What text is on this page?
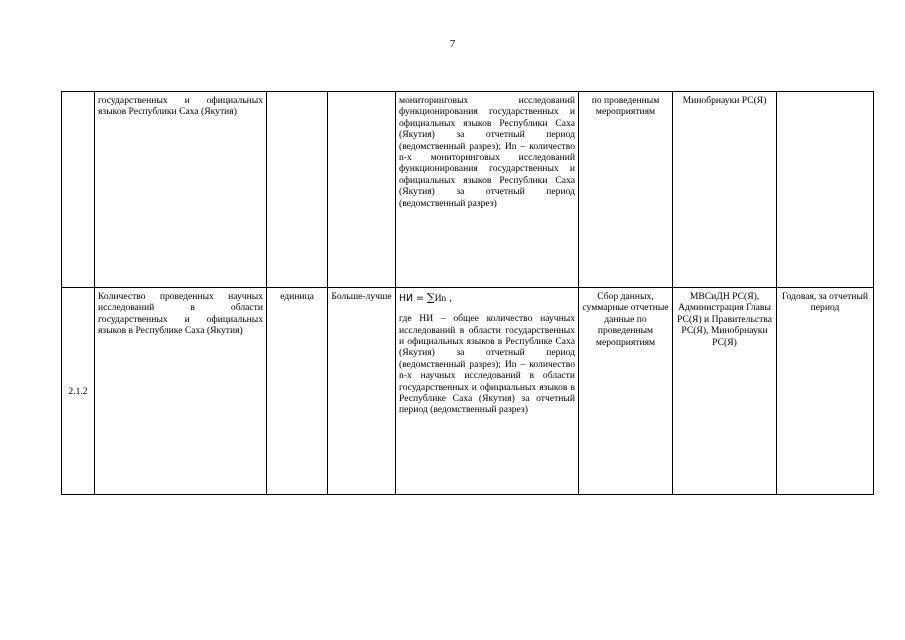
7
	государственных и официальных языков Республики Саха (Якутия)			мониторинговых исследований функционирования государственных и официальных языков Республики Саха (Якутия) за отчетный период (ведомственный разрез); Иn – количество n-х мониторинговых исследований функционирования государственных и официальных языков Республики Саха (Якутия) за отчетный период (ведомственный разрез)	по проведенным мероприятиям	Минобрнауки РС(Я)	
2.1.2	Количество проведенных научных исследований в области государственных и официальных языков в Республике Саха (Якутия)	единица	Больше-лучше	НИ = ∑Иn ,
где НИ – общее количество научных исследований в области государственных и официальных языков в Республике Саха (Якутия) за отчетный период (ведомственный разрез); Иn – количество n-х научных исследований в области государственных и официальных языков в Республике Саха (Якутия) за отчетный период (ведомственный разрез)	Сбор данных, суммарные отчетные данные по проведенным мероприятиям	МВСиДН РС(Я), Администрация Главы РС(Я) и Правительства РС(Я), Минобрнауки РС(Я)	Годовая, за отчетный период
